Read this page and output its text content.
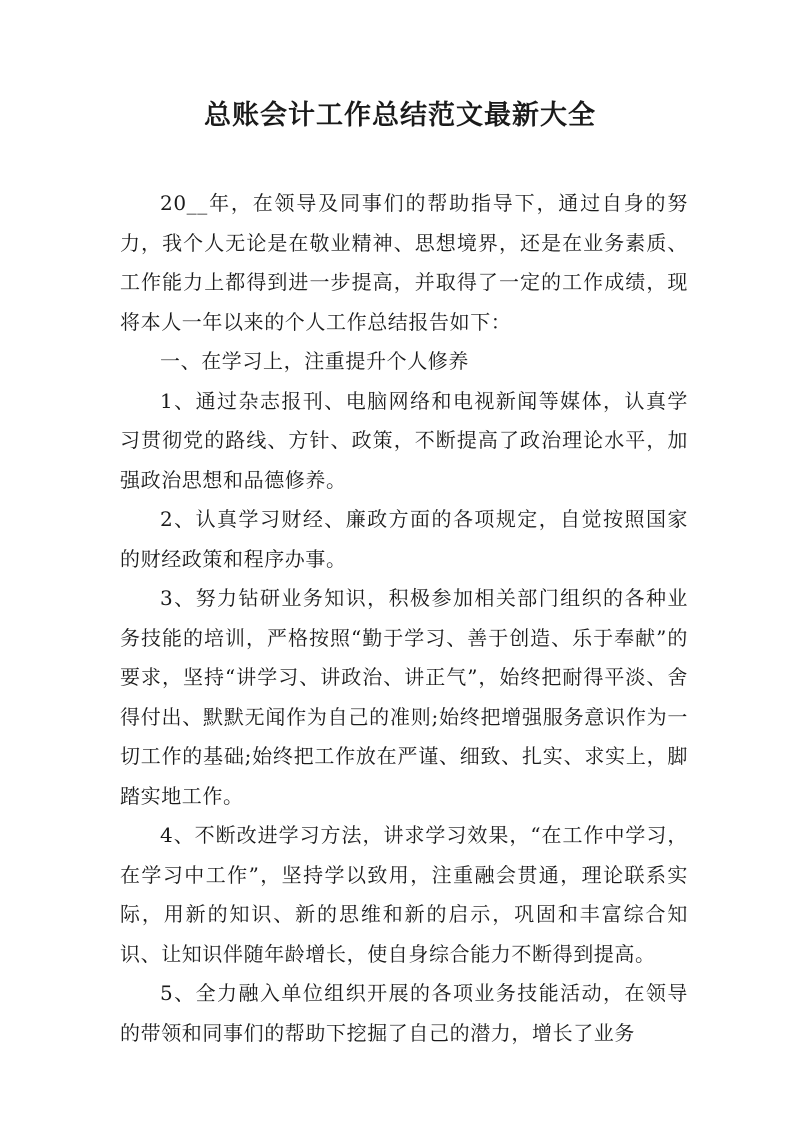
总账会计工作总结范文最新大全

20__年，在领导及同事们的帮助指导下，通过自身的努力，我个人无论是在敬业精神、思想境界，还是在业务素质、工作能力上都得到进一步提高，并取得了一定的工作成绩，现将本人一年以来的个人工作总结报告如下：

一、在学习上，注重提升个人修养

1、通过杂志报刊、电脑网络和电视新闻等媒体，认真学习贯彻党的路线、方针、政策，不断提高了政治理论水平，加强政治思想和品德修养。

2、认真学习财经、廉政方面的各项规定，自觉按照国家的财经政策和程序办事。

3、努力钻研业务知识，积极参加相关部门组织的各种业务技能的培训，严格按照“勤于学习、善于创造、乐于奉献”的要求，坚持“讲学习、讲政治、讲正气”，始终把耐得平淡、舍得付出、默默无闻作为自己的准则;始终把增强服务意识作为一切工作的基础;始终把工作放在严谨、细致、扎实、求实上，脚踏实地工作。

4、不断改进学习方法，讲求学习效果，“在工作中学习，在学习中工作”，坚持学以致用，注重融会贯通，理论联系实际，用新的知识、新的思维和新的启示，巩固和丰富综合知识、让知识伴随年龄增长，使自身综合能力不断得到提高。

5、全力融入单位组织开展的各项业务技能活动，在领导的带领和同事们的帮助下挖掘了自己的潜力，增长了业务
